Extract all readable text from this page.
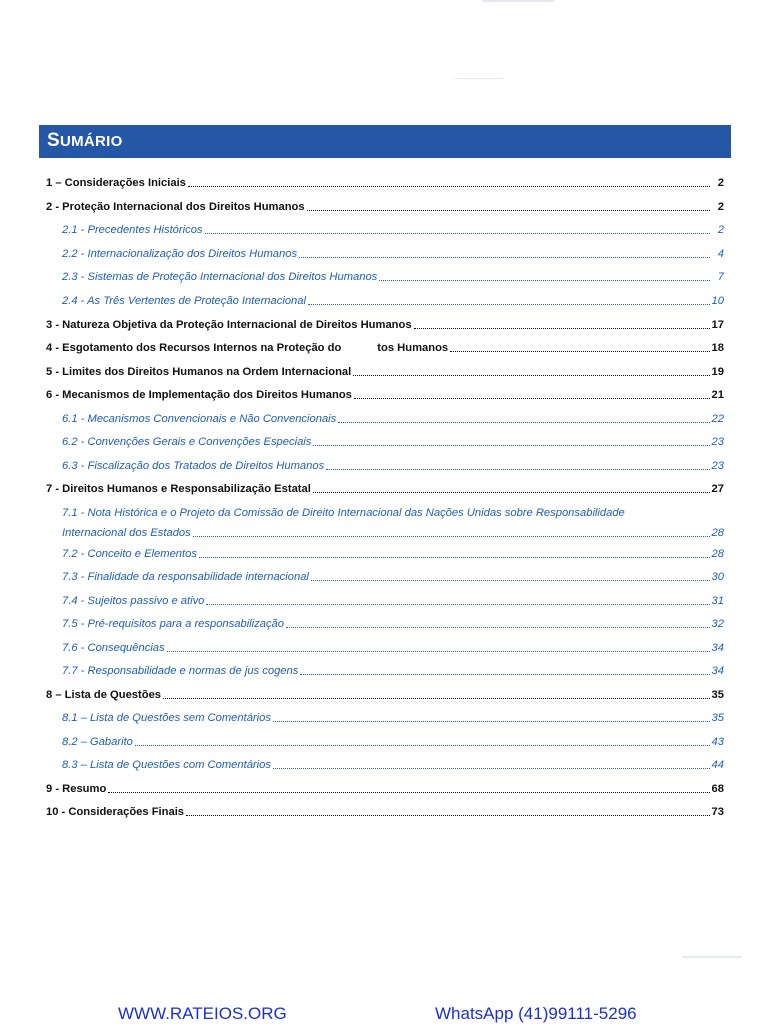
SUMÁRIO
1 – Considerações Iniciais	2
2 - Proteção Internacional dos Direitos Humanos	2
2.1 - Precedentes Históricos	2
2.2 - Internacionalização dos Direitos Humanos	4
2.3 - Sistemas de Proteção Internacional dos Direitos Humanos	7
2.4 - As Três Vertentes de Proteção Internacional	10
3 - Natureza Objetiva da Proteção Internacional de Direitos Humanos	17
4 - Esgotamento dos Recursos Internos na Proteção do	tos Humanos	18
5 - Limites dos Direitos Humanos na Ordem Internacional	19
6 - Mecanismos de Implementação dos Direitos Humanos	21
6.1 - Mecanismos Convencionais e Não Convencionais	22
6.2 - Convenções Gerais e Convenções Especiais	23
6.3 - Fiscalização dos Tratados de Direitos Humanos	23
7 - Direitos Humanos e Responsabilização Estatal	27
7.1 - Nota Histórica e o Projeto da Comissão de Direito Internacional das Nações Unidas sobre Responsabilidade
Internacional dos Estados	28
7.2 - Conceito e Elementos	28
7.3 - Finalidade da responsabilidade internacional	30
7.4 - Sujeitos passivo e ativo	31
7.5 - Pré-requisitos para a responsabilização	32
7.6 - Consequências	34
7.7 - Responsabilidade e normas de jus cogens	34
8 – Lista de Questões	35
8.1 – Lista de Questões sem Comentários	35
8.2 – Gabarito	43
8.3 – Lista de Questões com Comentários	44
9 - Resumo	68
10 - Considerações Finais	73
WWW.RATEIOS.ORG	WhatsApp (41)99111-5296
